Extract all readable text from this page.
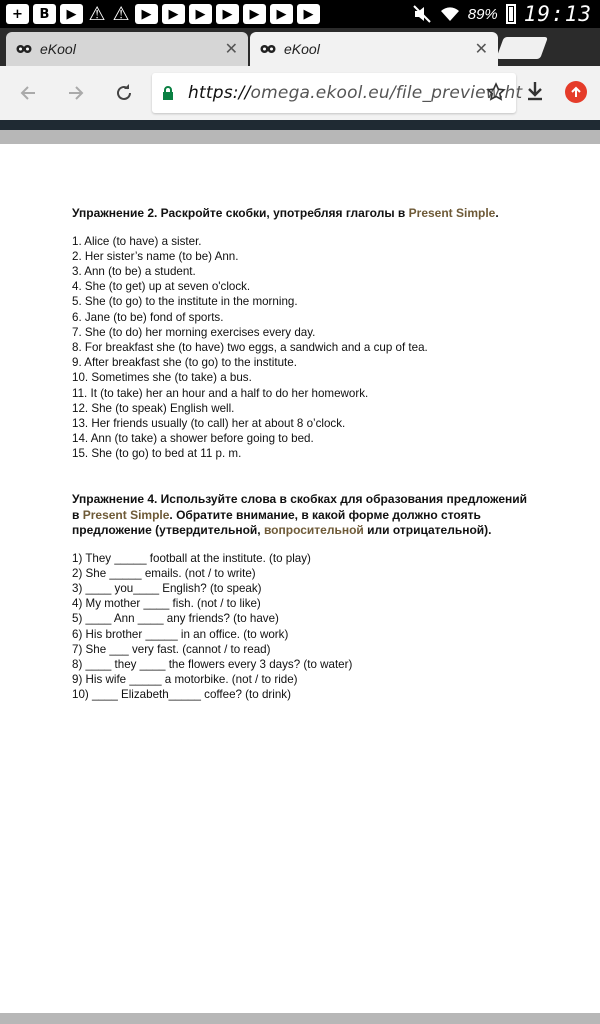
+	B	▶ ⚠ ⚠ ▶	▶	▶	▶	▶	▶	▶	89% 19:13
eKool	✕	eKool	✕
https://omega.ekool.eu/file_preview.ht
Упражнение 2. Раскройте скобки, употребляя глаголы в Present Simple.
1. Alice (to have) a sister.
2. Her sister’s name (to be) Ann.
3. Ann (to be) a student.
4. She (to get) up at seven o'clock.
5. She (to go) to the institute in the morning.
6. Jane (to be) fond of sports.
7. She (to do) her morning exercises every day.
8. For breakfast she (to have) two eggs, a sandwich and a cup of tea.
9. After breakfast she (to go) to the institute.
10. Sometimes she (to take) a bus.
11. It (to take) her an hour and a half to do her homework.
12. She (to speak) English well.
13. Her friends usually (to call) her at about 8 o’clock.
14. Ann (to take) a shower before going to bed.
15. She (to go) to bed at 11 p. m.
Упражнение 4. Используйте слова в скобках для образования предложений
в Present Simple. Обратите внимание, в какой форме должно стоять
предложение (утвердительной, вопросительной или отрицательной).
1) They _____ football at the institute. (to play)
2) She _____ emails. (not / to write)
3) ____ you____ English? (to speak)
4) My mother ____ fish. (not / to like)
5) ____ Ann ____ any friends? (to have)
6) His brother _____ in an office. (to work)
7) She ___ very fast. (cannot / to read)
8) ____ they ____ the flowers every 3 days? (to water)
9) His wife _____ a motorbike. (not / to ride)
10) ____ Elizabeth_____ coffee? (to drink)
